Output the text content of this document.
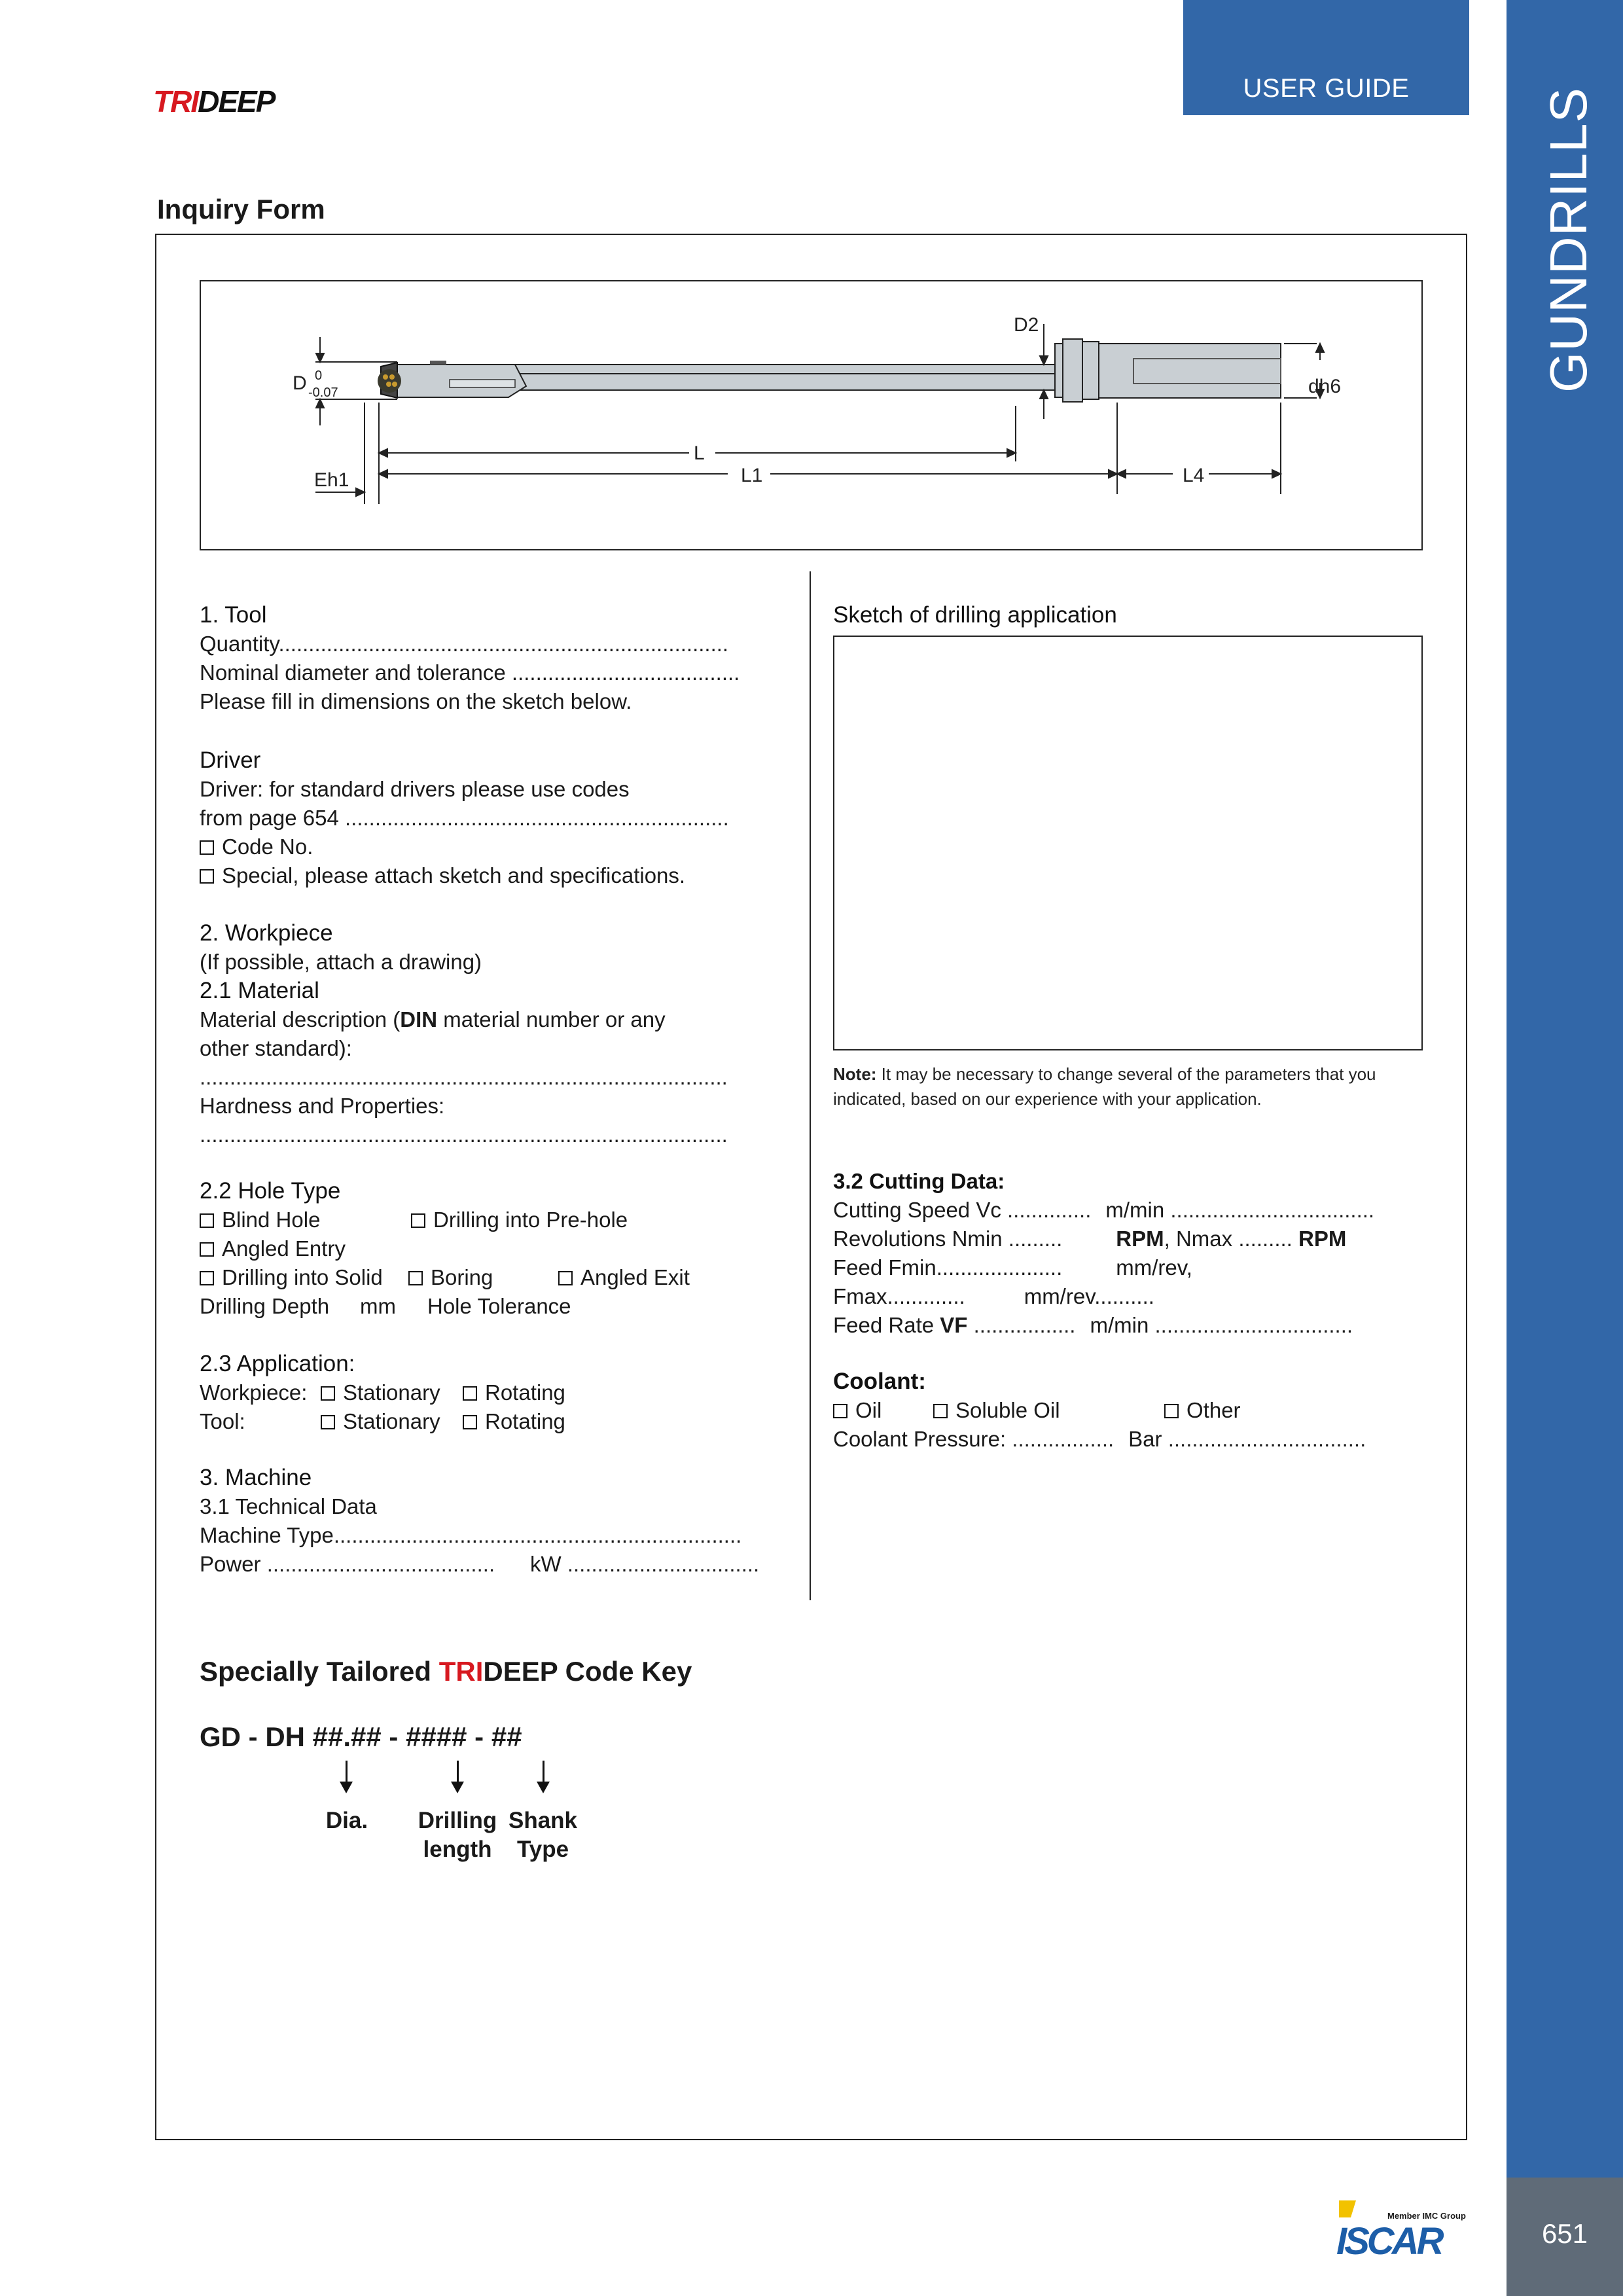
USER GUIDE	GUNDRILLS
651
TRIDEEP
Inquiry Form
D2
D 0
-0.07	dh6
L
L1	L4
Eh1
1. Tool
Quantity...........................................................................
Nominal diameter and tolerance ......................................
Please fill in dimensions on the sketch below.
Driver
Driver: for standard drivers please use codes
from page 654 ................................................................
Code No.
Special, please attach sketch and specifications.
2. Workpiece
(If possible, attach a drawing)
2.1 Material
Material description (DIN material number or any
other standard):
........................................................................................
Hardness and Properties:
........................................................................................
2.2 Hole Type
Blind Hole	Drilling into Pre-hole
Angled Entry
Drilling into Solid	Boring	Angled Exit
Drilling Depth mm Hole Tolerance
2.3 Application:
Workpiece:	Stationary	Rotating
Tool:	Stationary	Rotating
3. Machine
3.1 Technical Data
Machine Type....................................................................
Power ...................................... kW ................................
Sketch of drilling application
Note: It may be necessary to change several of the parameters that you indicated, based on our experience with your application.
3.2 Cutting Data:
Cutting Speed Vc .............. m/min ..................................
Revolutions Nmin ......... RPM, Nmax ......... RPM
Feed Fmin..................... mm/rev,
Fmax.............	mm/rev..........
Feed Rate VF ................. m/min .................................
Coolant:
Oil	Soluble Oil	Other
Coolant Pressure: ................. Bar .................................
Specially Tailored TRIDEEP Code Key
GD - DH ##.## - #### - ##
Dia.	Drilling
length
Shank
Type
Member IMC Group
ISCAR
